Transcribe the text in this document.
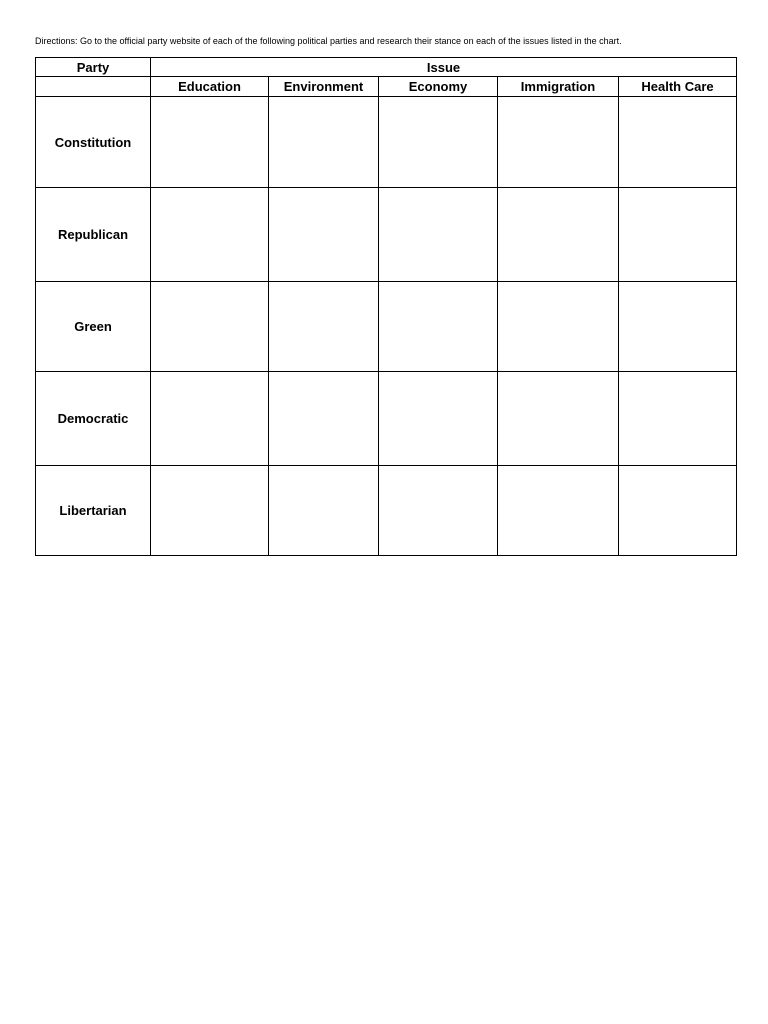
Directions: Go to the official party website of each of the following political parties and research their stance on each of the issues listed in the chart.
Party	Issue				
	Education	Environment	Economy	Immigration	Health Care
Constitution					
Republican					
Green					
Democratic					
Libertarian					
